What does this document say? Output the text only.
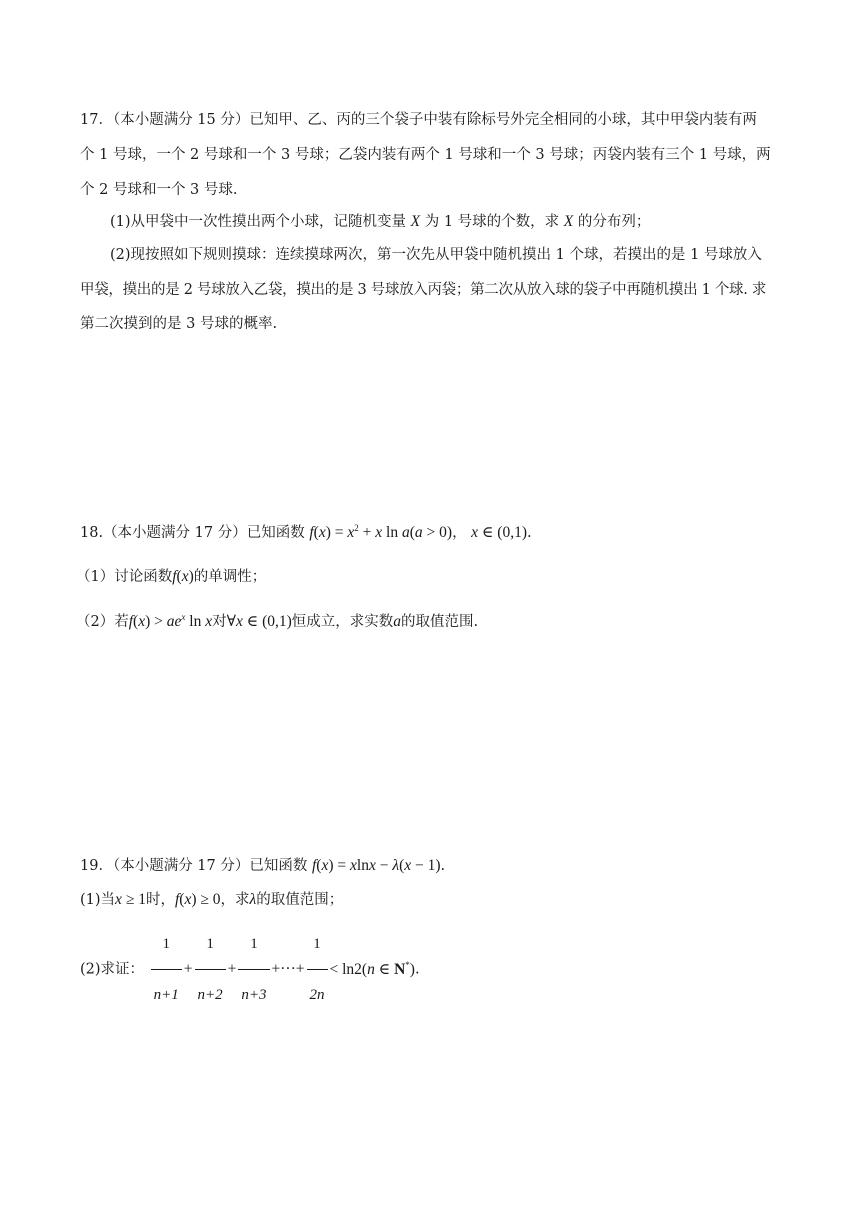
17．（本小题满分 15 分）已知甲、乙、丙的三个袋子中装有除标号外完全相同的小球，其中甲袋内装有两
个 1 号球，一个 2 号球和一个 3 号球；乙袋内装有两个 1 号球和一个 3 号球；丙袋内装有三个 1 号球，两
个 2 号球和一个 3 号球.
(1)从甲袋中一次性摸出两个小球，记随机变量 X 为 1 号球的个数，求 X 的分布列；
(2)现按照如下规则摸球：连续摸球两次，第一次先从甲袋中随机摸出 1 个球，若摸出的是 1 号球放入
甲袋，摸出的是 2 号球放入乙袋，摸出的是 3 号球放入丙袋；第二次从放入球的袋子中再随机摸出 1 个球. 求
第二次摸到的是 3 号球的概率.
18.（本小题满分 17 分）已知函数 $f(x) = x^2 + x$ ln a(a > 0)， x ∈ (0,1).
（1）讨论函数f(x)的单调性；
（2）若$f(x) > ae^x$ ln x对∀x ∈ (0,1)恒成立，求实数a的取值范围.
19．（本小题满分 17 分）已知函数 f(x) = xlnx − λ(x − 1).
(1)当x ≥ 1时，f(x) ≥ 0，求λ的取值范围；
(2)求证： $\frac{1}{n+1} + \frac{1}{n+2} + \frac{1}{n+3}$ +···+ $\frac{1}{2n} < \ln 2(n$ ∈ N*).
